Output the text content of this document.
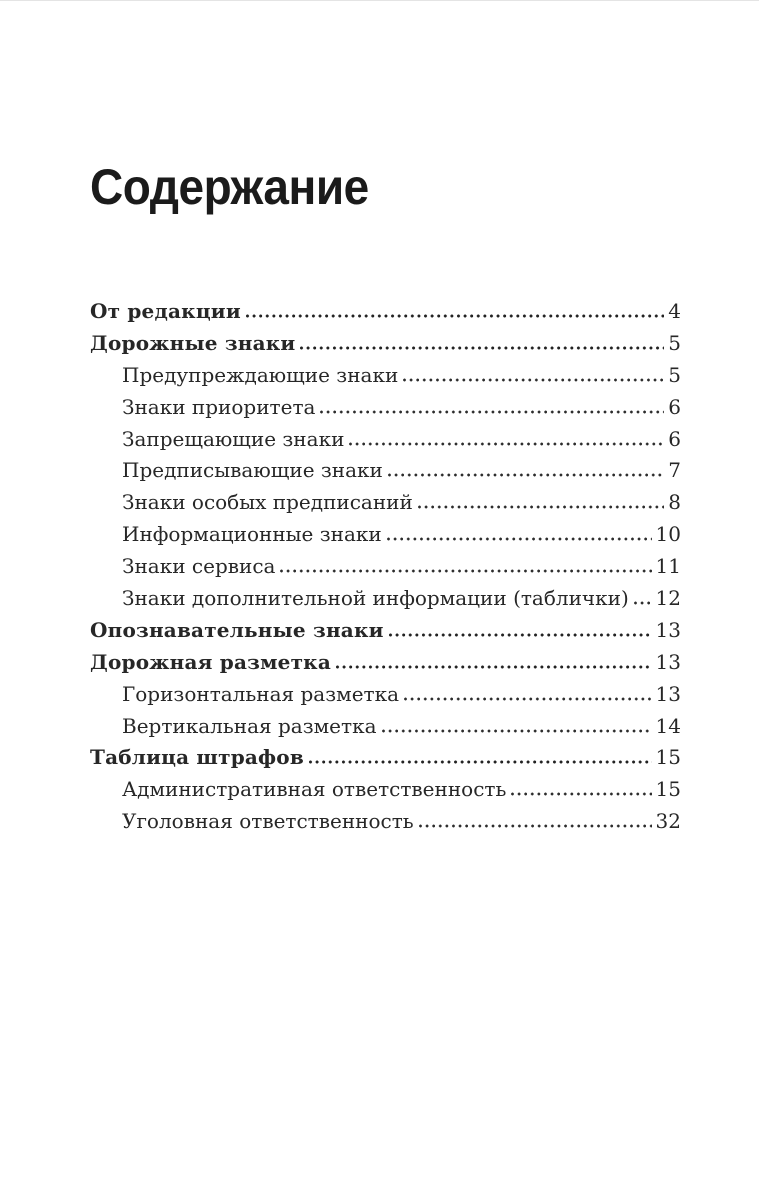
Содержание
От редакции	4
Дорожные знаки	5
Предупреждающие знаки	5
Знаки приоритета	6
Запрещающие знаки	6
Предписывающие знаки	7
Знаки особых предписаний	8
Информационные знаки	10
Знаки сервиса	11
Знаки дополнительной информации (таблички) 12
Опознавательные знаки	13
Дорожная разметка	13
Горизонтальная разметка	13
Вертикальная разметка	14
Таблица штрафов	15
Административная ответственность	15
Уголовная ответственность	32
